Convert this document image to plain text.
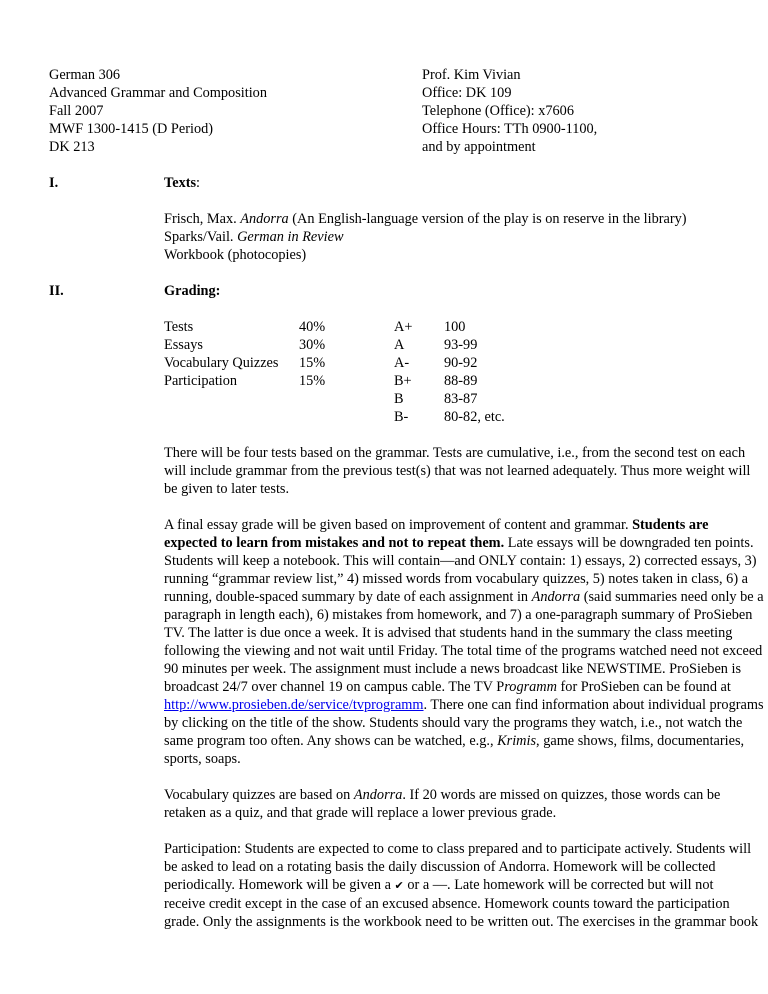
German 306
Advanced Grammar and Composition
Fall 2007
MWF 1300-1415 (D Period)
DK 213
Prof. Kim Vivian
Office: DK 109
Telephone (Office): x7606
Office Hours: TTh 0900-1100,
and by appointment
I.	Texts:
Frisch, Max. Andorra (An English-language version of the play is on reserve in the library)
Sparks/Vail. German in Review
Workbook (photocopies)
II.	Grading:
Tests
Essays
Vocabulary Quizzes
Participation
40%
30%
15%
15%
A+
A
A-
B+
B
B-
100
93-99
90-92
88-89
83-87
80-82, etc.
There will be four tests based on the grammar. Tests are cumulative, i.e., from the second test on each
will include grammar from the previous test(s) that was not learned adequately. Thus more weight will
be given to later tests.
A final essay grade will be given based on improvement of content and grammar. Students are
expected to learn from mistakes and not to repeat them. Late essays will be downgraded ten points.
Students will keep a notebook. This will contain—and ONLY contain: 1) essays, 2) corrected essays, 3)
running “grammar review list,” 4) missed words from vocabulary quizzes, 5) notes taken in class, 6) a
running, double-spaced summary by date of each assignment in Andorra (said summaries need only be a
paragraph in length each), 6) mistakes from homework, and 7) a one-paragraph summary of ProSieben
TV. The latter is due once a week. It is advised that students hand in the summary the class meeting
following the viewing and not wait until Friday. The total time of the programs watched need not exceed
90 minutes per week. The assignment must include a news broadcast like NEWSTIME. ProSieben is
broadcast 24/7 over channel 19 on campus cable. The TV Programm for ProSieben can be found at
http://www.prosieben.de/service/tvprogramm. There one can find information about individual programs
by clicking on the title of the show. Students should vary the programs they watch, i.e., not watch the
same program too often. Any shows can be watched, e.g., Krimis, game shows, films, documentaries,
sports, soaps.
Vocabulary quizzes are based on Andorra. If 20 words are missed on quizzes, those words can be
retaken as a quiz, and that grade will replace a lower previous grade.
Participation: Students are expected to come to class prepared and to participate actively. Students will
be asked to lead on a rotating basis the daily discussion of Andorra. Homework will be collected
periodically. Homework will be given a ✔ or a —. Late homework will be corrected but will not
receive credit except in the case of an excused absence. Homework counts toward the participation
grade. Only the assignments is the workbook need to be written out. The exercises in the grammar book
